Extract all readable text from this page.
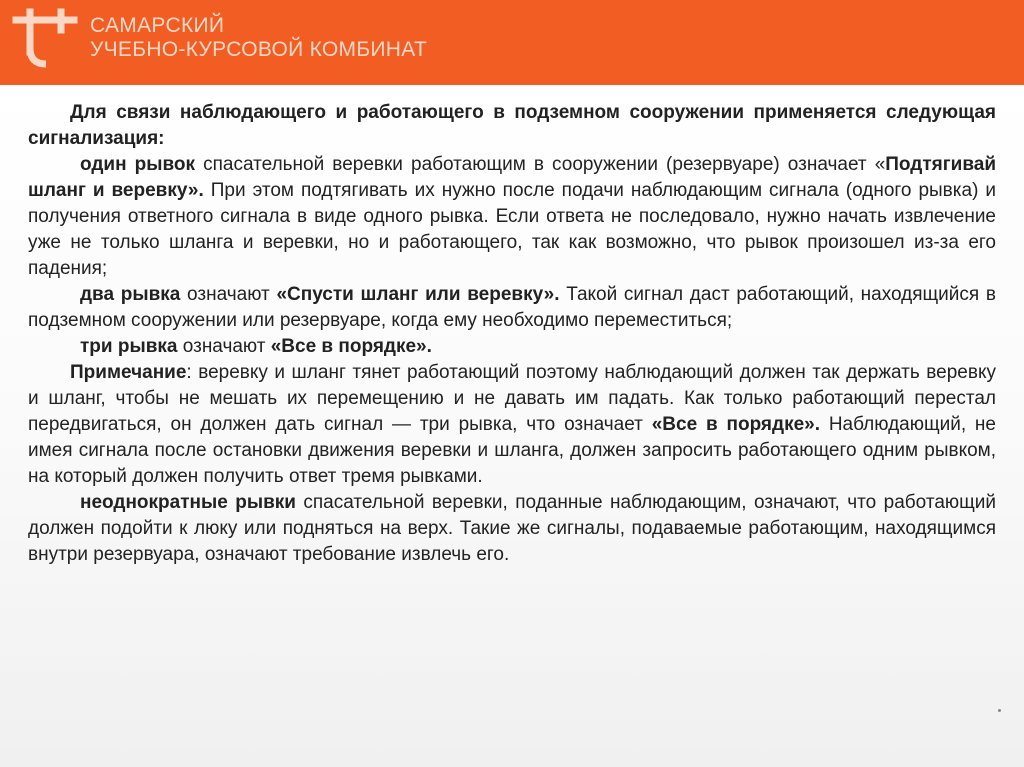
САМАРСКИЙ
УЧЕБНО-КУРСОВОЙ КОМБИНАТ

Для связи наблюдающего и работающего в подземном сооружении применяется следующая сигнализация:

один рывок спасательной веревки работающим в сооружении (резервуаре) означает «Подтягивай шланг и веревку». При этом подтягивать их нужно после подачи наблюдающим сигнала (одного рывка) и получения ответного сигнала в виде одного рывка. Если ответа не последовало, нужно начать извлечение уже не только шланга и веревки, но и работающего, так как возможно, что рывок произошел из-за его падения;

два рывка означают «Спусти шланг или веревку». Такой сигнал даст работающий, находящийся в подземном сооружении или резервуаре, когда ему необходимо переместиться;

три рывка означают «Все в порядке».

Примечание: веревку и шланг тянет работающий поэтому наблюдающий должен так держать веревку и шланг, чтобы не мешать их перемещению и не давать им падать. Как только работающий перестал передвигаться, он должен дать сигнал — три рывка, что означает «Все в порядке». Наблюдающий, не имея сигнала после остановки движения веревки и шланга, должен запросить работающего одним рывком, на который должен получить ответ тремя рывками.

неоднократные рывки спасательной веревки, поданные наблюдающим, означают, что работающий должен подойти к люку или подняться на верх. Такие же сигналы, подаваемые работающим, находящимся внутри резервуара, означают требование извлечь его.
